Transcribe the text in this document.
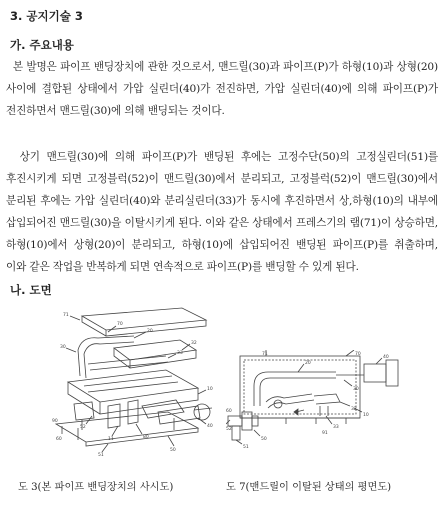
3. 공지기술 3
가. 주요내용
본 발명은 파이프 밴딩장치에 관한 것으로서, 맨드릴(30)과 파이프(P)가 하형(10)과 상형(20) 사이에 결합된 상태에서 가압 실린더(40)가 전진하면, 가압 실린더(40)에 의해 파이프(P)가 전진하면서 맨드릴(30)에 의해 밴딩되는 것이다.
상기 맨드릴(30)에 의해 파이프(P)가 밴딩된 후에는 고정수단(50)의 고정실린더(51)를 후진시키게 되면 고정블럭(52)이 맨드릴(30)에서 분리되고, 고정블럭(52)이 맨드릴(30)에서 분리된 후에는 가압 실린더(40)와 분리실린더(33)가 동시에 후진하면서 상,하형(10)의 내부에 삽입되어진 맨드릴(30)을 이탈시키게 된다. 이와 같은 상태에서 프레스기의 램(71)이 상승하면, 하형(10)에서 상형(20)이 분리되고, 하형(10)에 삽입되어진 밴딩된 파이프(P)를 취출하며, 이와 같은 작업을 반복하게 되면 연속적으로 파이프(P)를 밴딩할 수 있게 된다.
나. 도면
71
70
30
20
32
33
10
40
11	80
52
50
51
60
90
71	70
20
40
30
10
33
32
52
50
51
60
91
도 3(본 파이프 밴딩장치의 사시도)	도 7(맨드릴이 이탈된 상태의 평면도)
